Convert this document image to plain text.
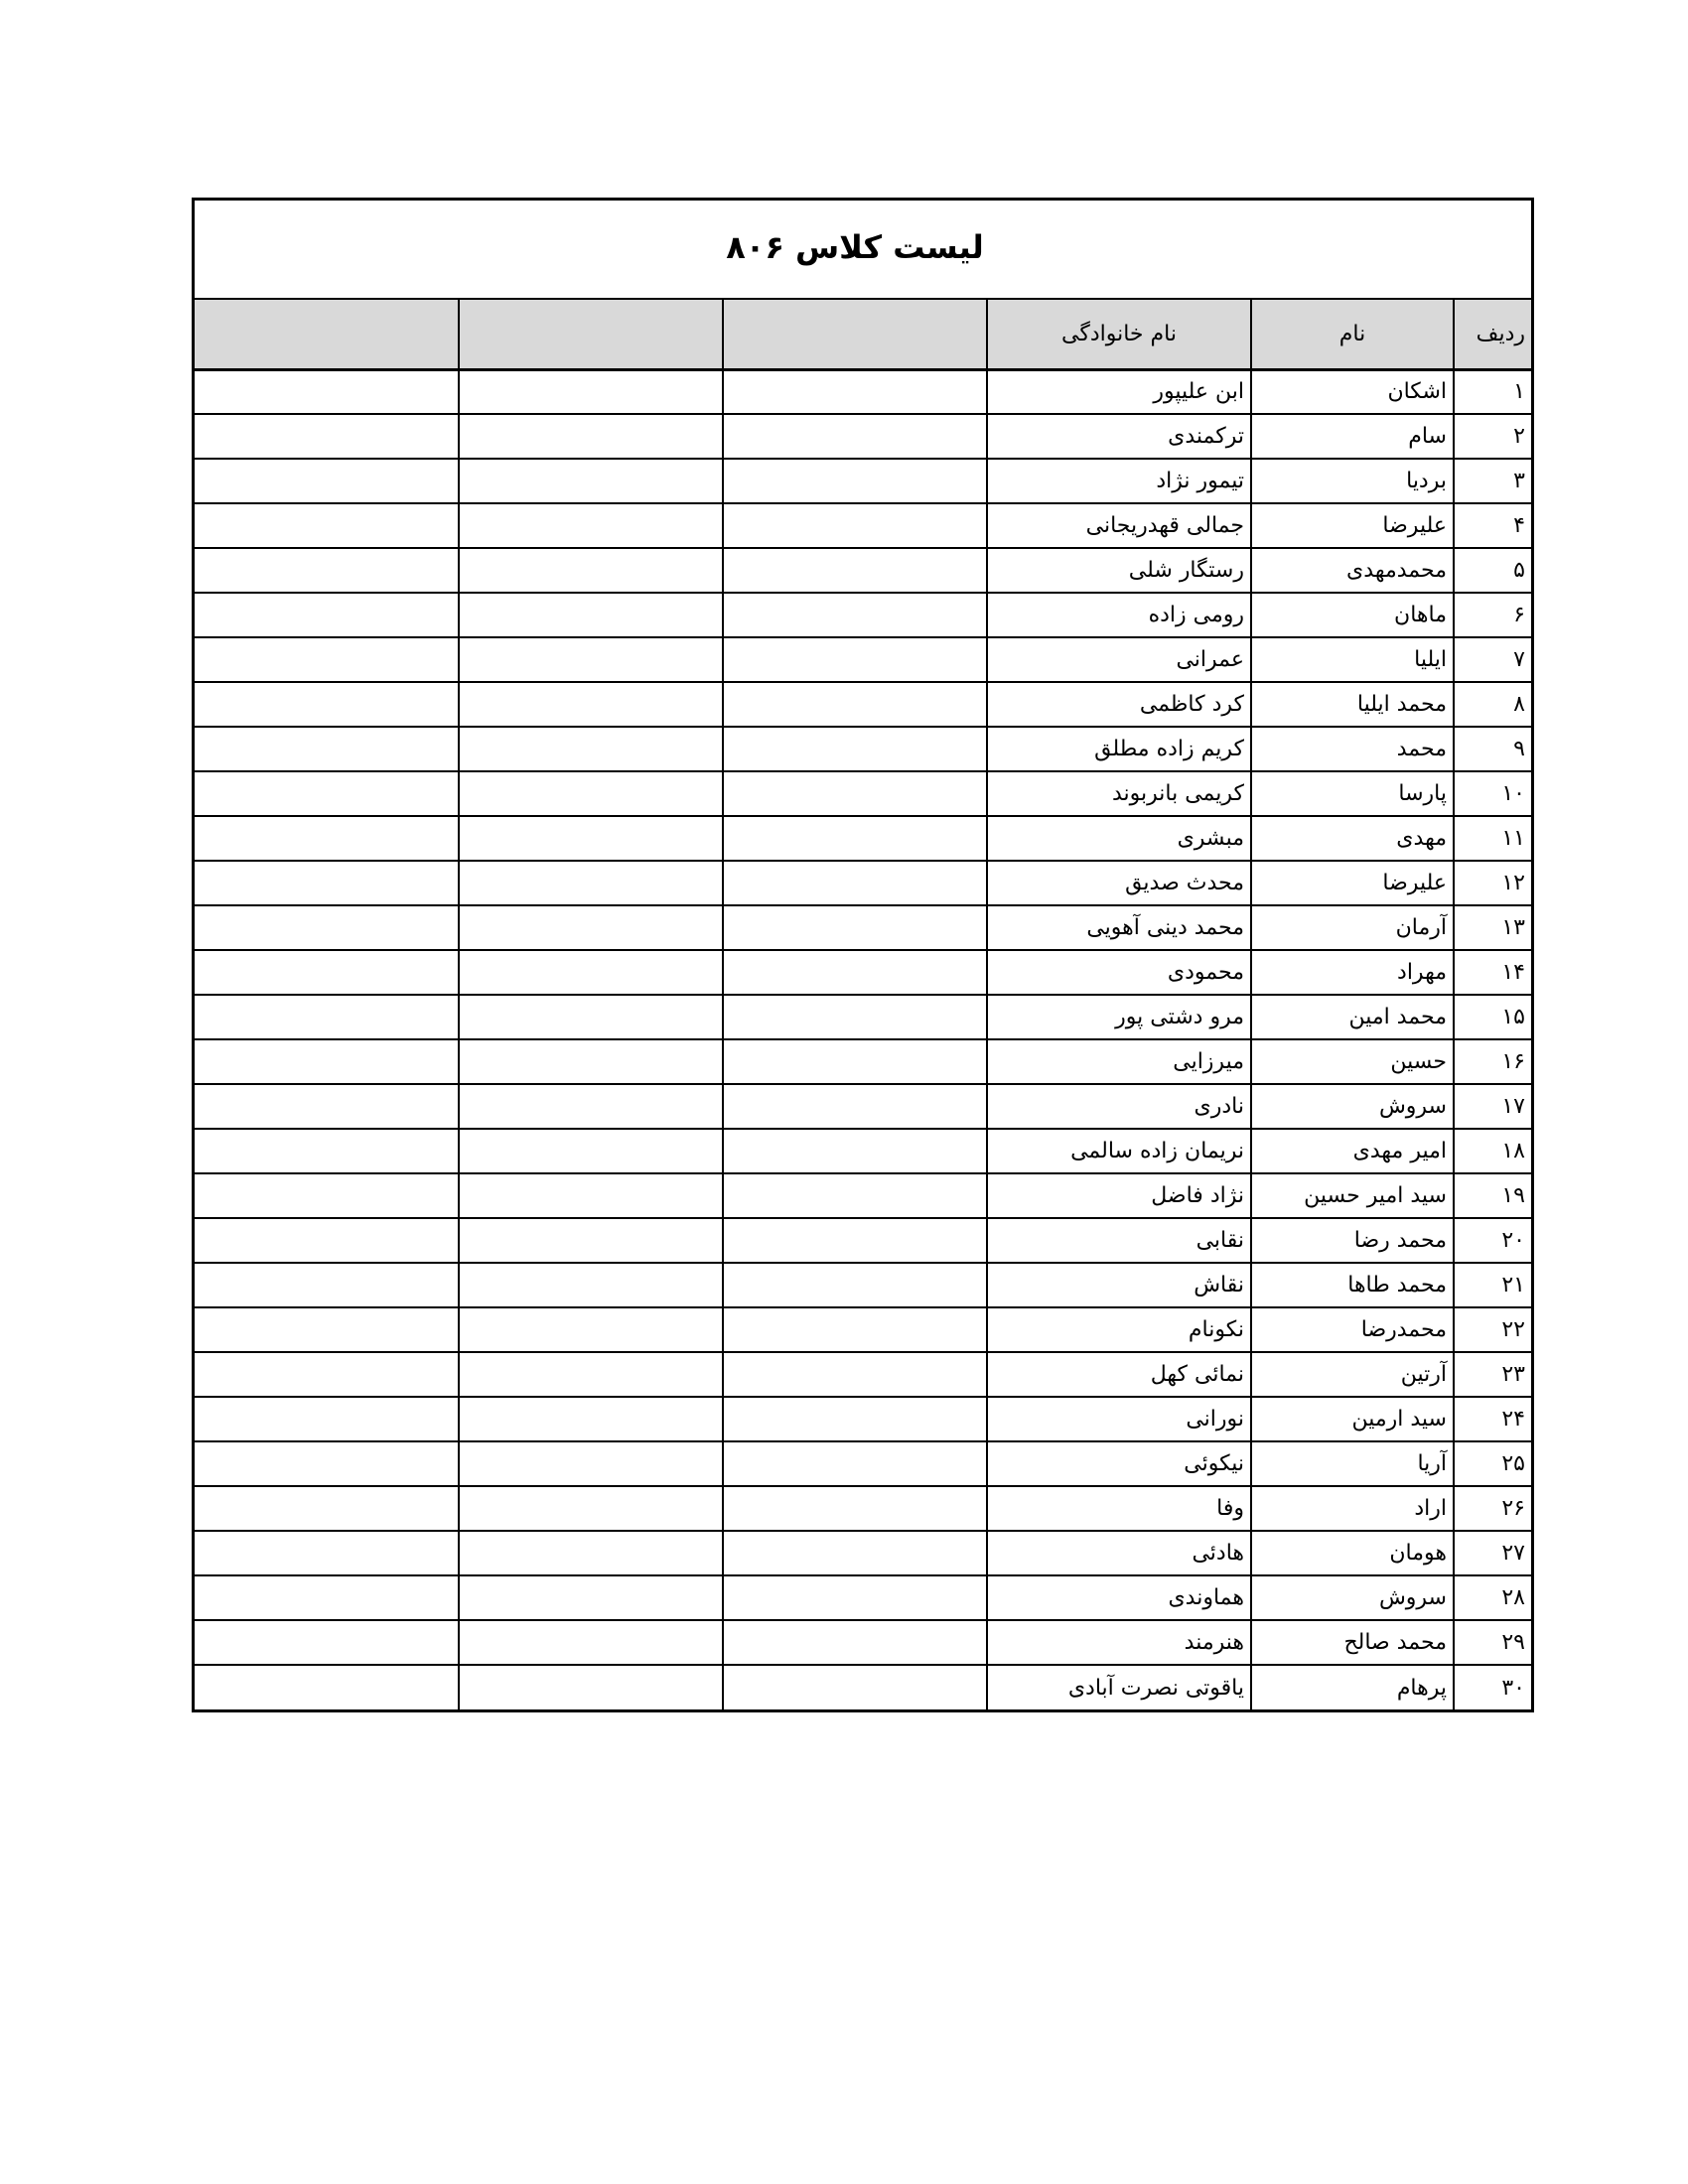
لیست کلاس ۸۰۶
			نام خانوادگی	نام	ردیف
			ابن علیپور	اشکان	۱
			ترکمندی	سام	۲
			تیمور نژاد	بردیا	۳
			جمالی قهدریجانی	علیرضا	۴
			رستگار شلی	محمدمهدی	۵
			رومی زاده	ماهان	۶
			عمرانی	ایلیا	۷
			کرد کاظمی	محمد ایلیا	۸
			کریم زاده مطلق	محمد	۹
			کریمی بانربوند	پارسا	۱۰
			مبشری	مهدی	۱۱
			محدث صدیق	علیرضا	۱۲
			محمد دینی آهویی	آرمان	۱۳
			محمودی	مهراد	۱۴
			مرو دشتی پور	محمد امین	۱۵
			میرزایی	حسین	۱۶
			نادری	سروش	۱۷
			نریمان زاده سالمی	امیر مهدی	۱۸
			نژاد فاضل	سید امیر حسین	۱۹
			نقابی	محمد رضا	۲۰
			نقاش	محمد طاها	۲۱
			نکونام	محمدرضا	۲۲
			نمائی کهل	آرتین	۲۳
			نورانی	سید ارمین	۲۴
			نیکوئی	آریا	۲۵
			وفا	اراد	۲۶
			هادئی	هومان	۲۷
			هماوندی	سروش	۲۸
			هنرمند	محمد صالح	۲۹
			یاقوتی نصرت آبادی	پرهام	۳۰
